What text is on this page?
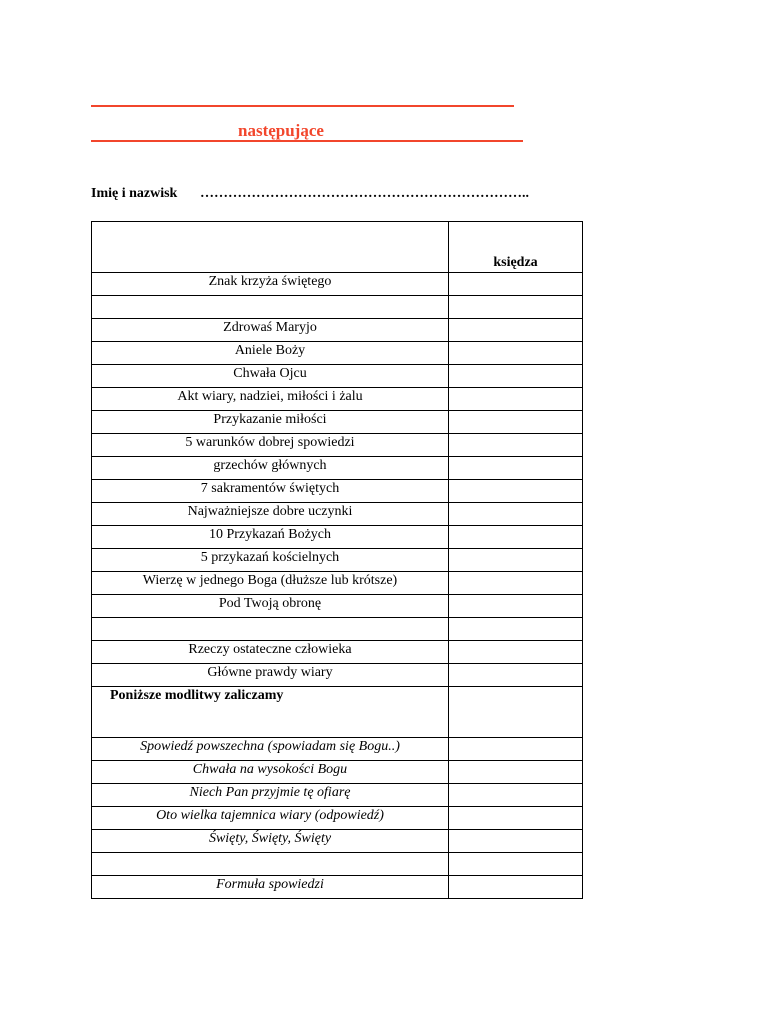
następujące
Imię i nazwisk ……………………………………………………………..
	księdza
Znak krzyża świętego	

Zdrowaś Maryjo	
Aniele Boży	
Chwała Ojcu	
Akt wiary, nadziei, miłości i żalu	
Przykazanie miłości	
5 warunków dobrej spowiedzi	
grzechów głównych	
7 sakramentów świętych	
Najważniejsze dobre uczynki	
10 Przykazań Bożych	
5 przykazań kościelnych	
Wierzę w jednego Boga (dłuższe lub krótsze)	
Pod Twoją obronę	

Rzeczy ostateczne człowieka	
Główne prawdy wiary	
Poniższe modlitwy zaliczamy	
Spowiedź powszechna (spowiadam się Bogu..)	
Chwała na wysokości Bogu	
Niech Pan przyjmie tę ofiarę	
Oto wielka tajemnica wiary (odpowiedź)	
Święty, Święty, Święty	

Formuła spowiedzi	
